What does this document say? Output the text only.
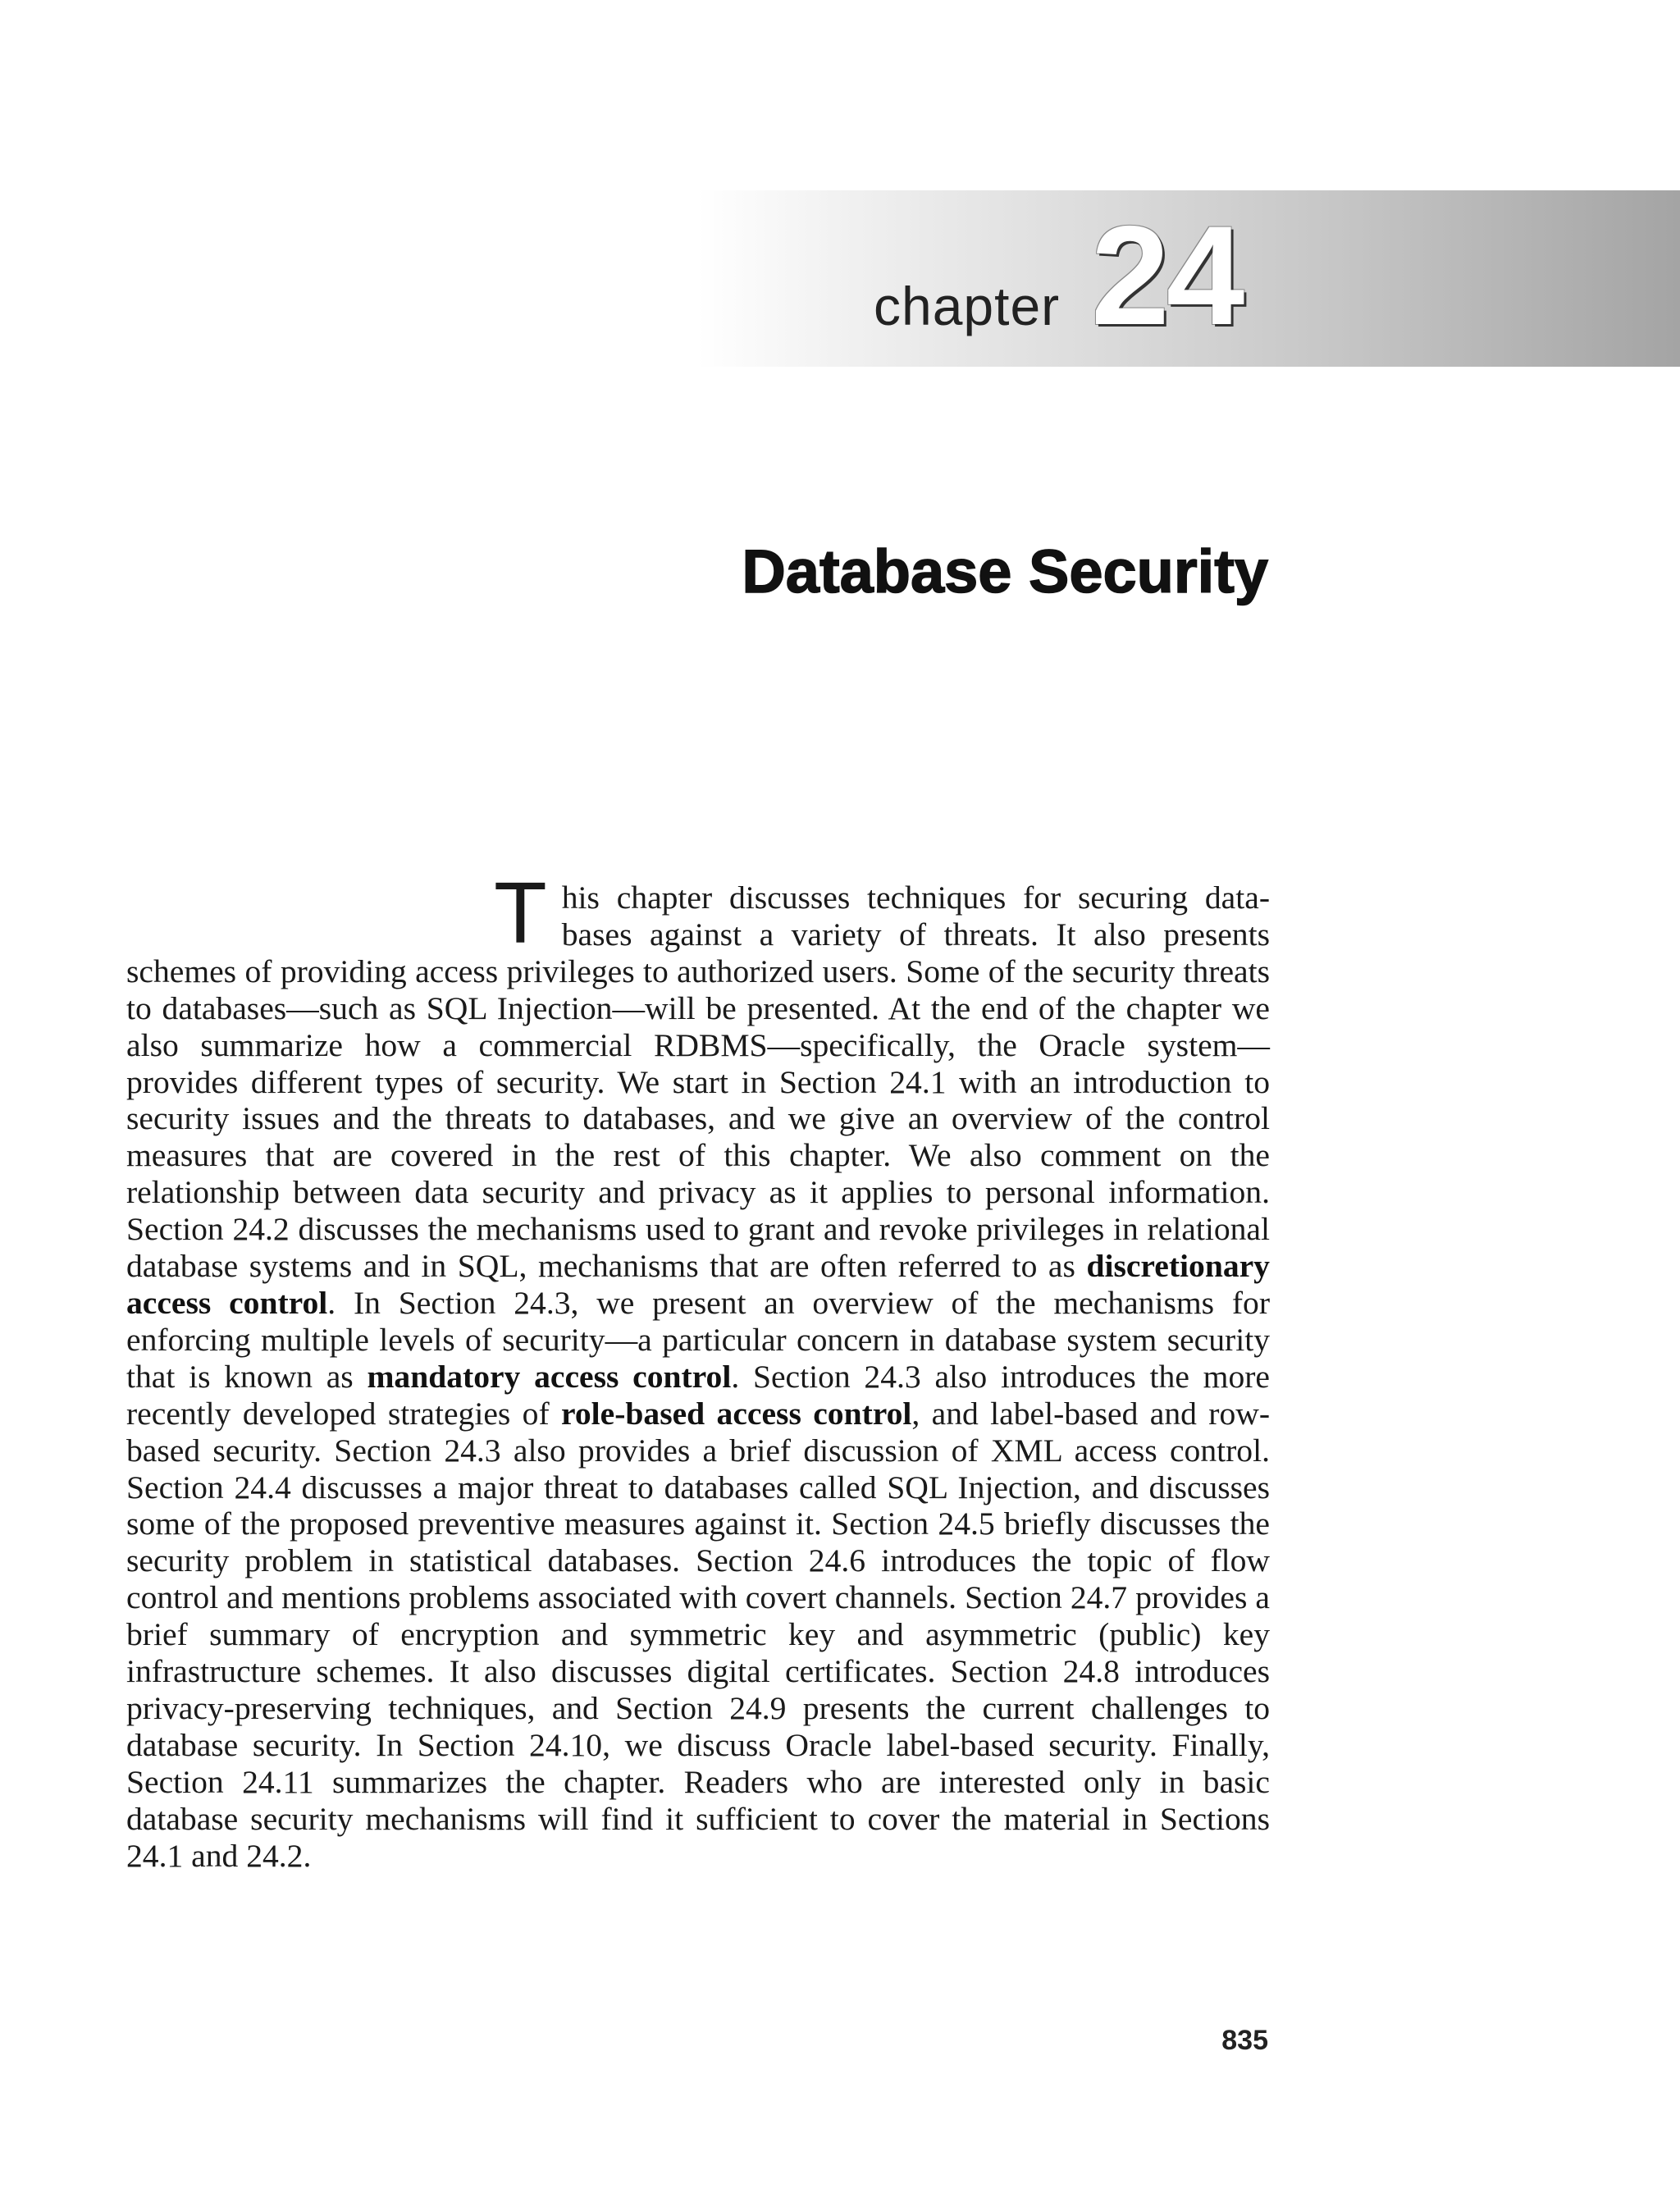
chapter 24
Database Security

This chapter discusses techniques for securing databases against a variety of threats. It also presents schemes of providing access privileges to authorized users. Some of the security threats to databases—such as SQL Injection—will be presented. At the end of the chapter we also summarize how a commercial RDBMS—specifically, the Oracle system—provides different types of security. We start in Section 24.1 with an introduction to security issues and the threats to databases, and we give an overview of the control measures that are covered in the rest of this chapter. We also comment on the relationship between data security and privacy as it applies to personal information. Section 24.2 discusses the mechanisms used to grant and revoke privileges in relational database systems and in SQL, mechanisms that are often referred to as discretionary access control. In Section 24.3, we present an overview of the mechanisms for enforcing multiple levels of security—a particular concern in database system security that is known as mandatory access control. Section 24.3 also introduces the more recently developed strategies of role-based access control, and label-based and row-based security. Section 24.3 also provides a brief discussion of XML access control. Section 24.4 discusses a major threat to databases called SQL Injection, and discusses some of the proposed preventive measures against it. Section 24.5 briefly discusses the security problem in statistical databases. Section 24.6 introduces the topic of flow control and mentions problems associated with covert channels. Section 24.7 provides a brief summary of encryption and symmetric key and asymmetric (public) key infrastructure schemes. It also discusses digital certificates. Section 24.8 introduces privacy-preserving techniques, and Section 24.9 presents the current challenges to database security. In Section 24.10, we discuss Oracle label-based security. Finally, Section 24.11 summarizes the chapter. Readers who are interested only in basic database security mechanisms will find it sufficient to cover the material in Sections 24.1 and 24.2.

835
